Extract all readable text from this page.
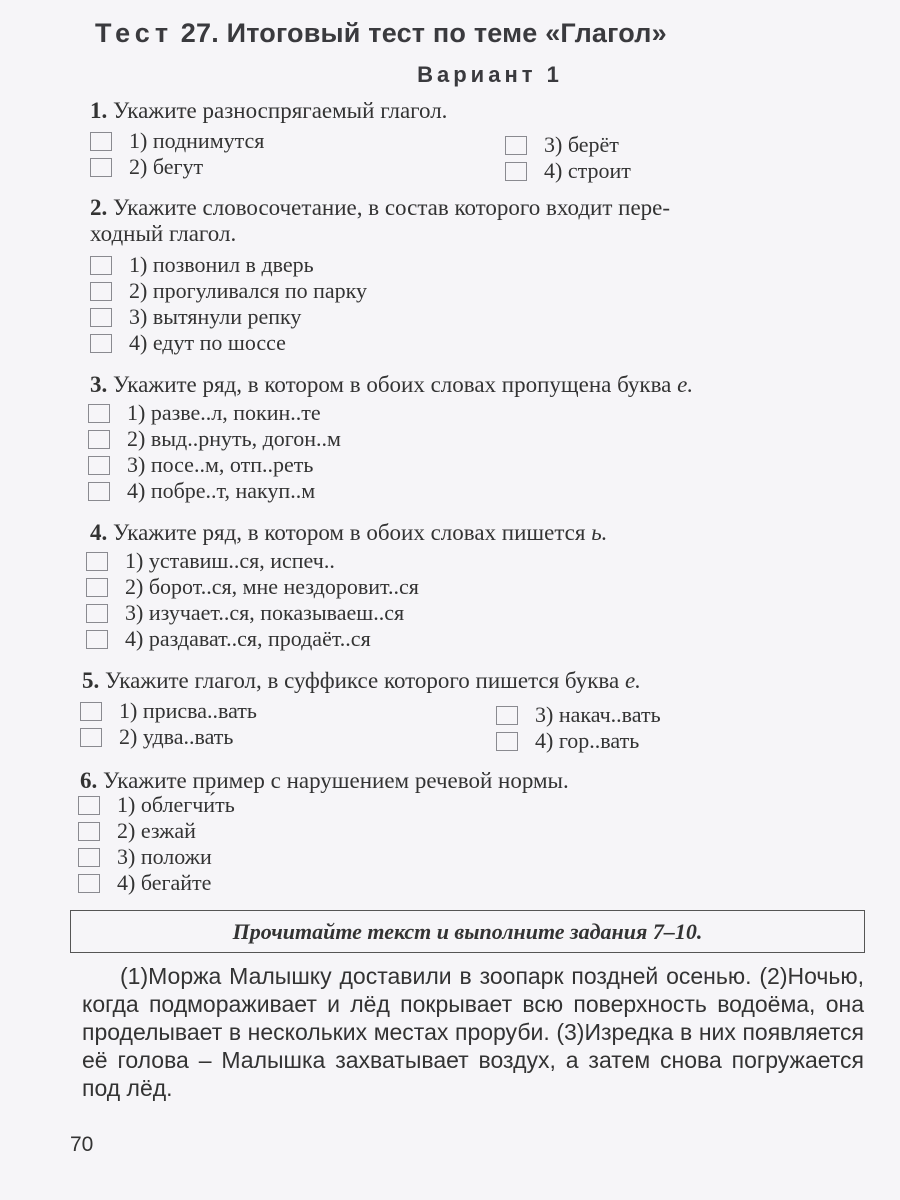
Тест 27. Итоговый тест по теме «Глагол»
Вариант 1
1. Укажите разноспрягаемый глагол.
1) поднимутся
2) бегут
3) берёт
4) строит
2. Укажите словосочетание, в состав которого входит пере-
ходный глагол.
1) позвонил в дверь
2) прогуливался по парку
3) вытянули репку
4) едут по шоссе
3. Укажите ряд, в котором в обоих словах пропущена буква е.
1) разве..л, покин..те
2) выд..рнуть, догон..м
3) посе..м, отп..реть
4) побре..т, накуп..м
4. Укажите ряд, в котором в обоих словах пишется ь.
1) уставиш..ся, испеч..
2) борот..ся, мне нездоровит..ся
3) изучает..ся, показываеш..ся
4) раздават..ся, продаёт..ся
5. Укажите глагол, в суффиксе которого пишется буква е.
1) присва..вать
2) удва..вать
3) накач..вать
4) гор..вать
6. Укажите пример с нарушением речевой нормы.
1) облегчи́ть
2) езжай
3) положи
4) бегайте
Прочитайте текст и выполните задания 7–10.

(1)Моржа Малышку доставили в зоопарк поздней осенью. (2)Ночью, когда подмораживает и лёд покрывает всю поверхность водоёма, она проделывает в нескольких местах проруби. (3)Изредка в них появляется её голова – Малышка захватывает воздух, а затем снова погружается под лёд.

70
